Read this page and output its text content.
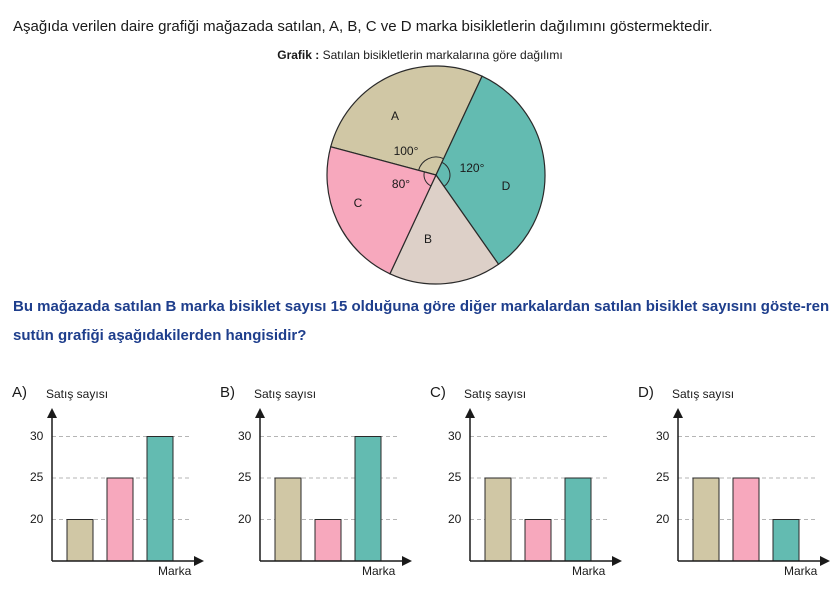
Aşağıda verilen daire grafiği mağazada satılan, A, B, C ve D marka bisikletlerin dağılımını göstermektedir.
Grafik : Satılan bisikletlerin markalarına göre dağılımı
A
100°
D
120°
B
C
80°
Bu mağazada satılan B marka bisiklet sayısı 15 olduğuna göre diğer markalardan satılan bisiklet sayısını göste-ren sutün grafiği aşağıdakilerden hangisidir?
A) Satış sayısı
Marka
20
25
30
B) Satış sayısı
Marka
20
25
30
C) Satış sayısı
Marka
20
25
30
D) Satış sayısı
Marka
20
25
30
